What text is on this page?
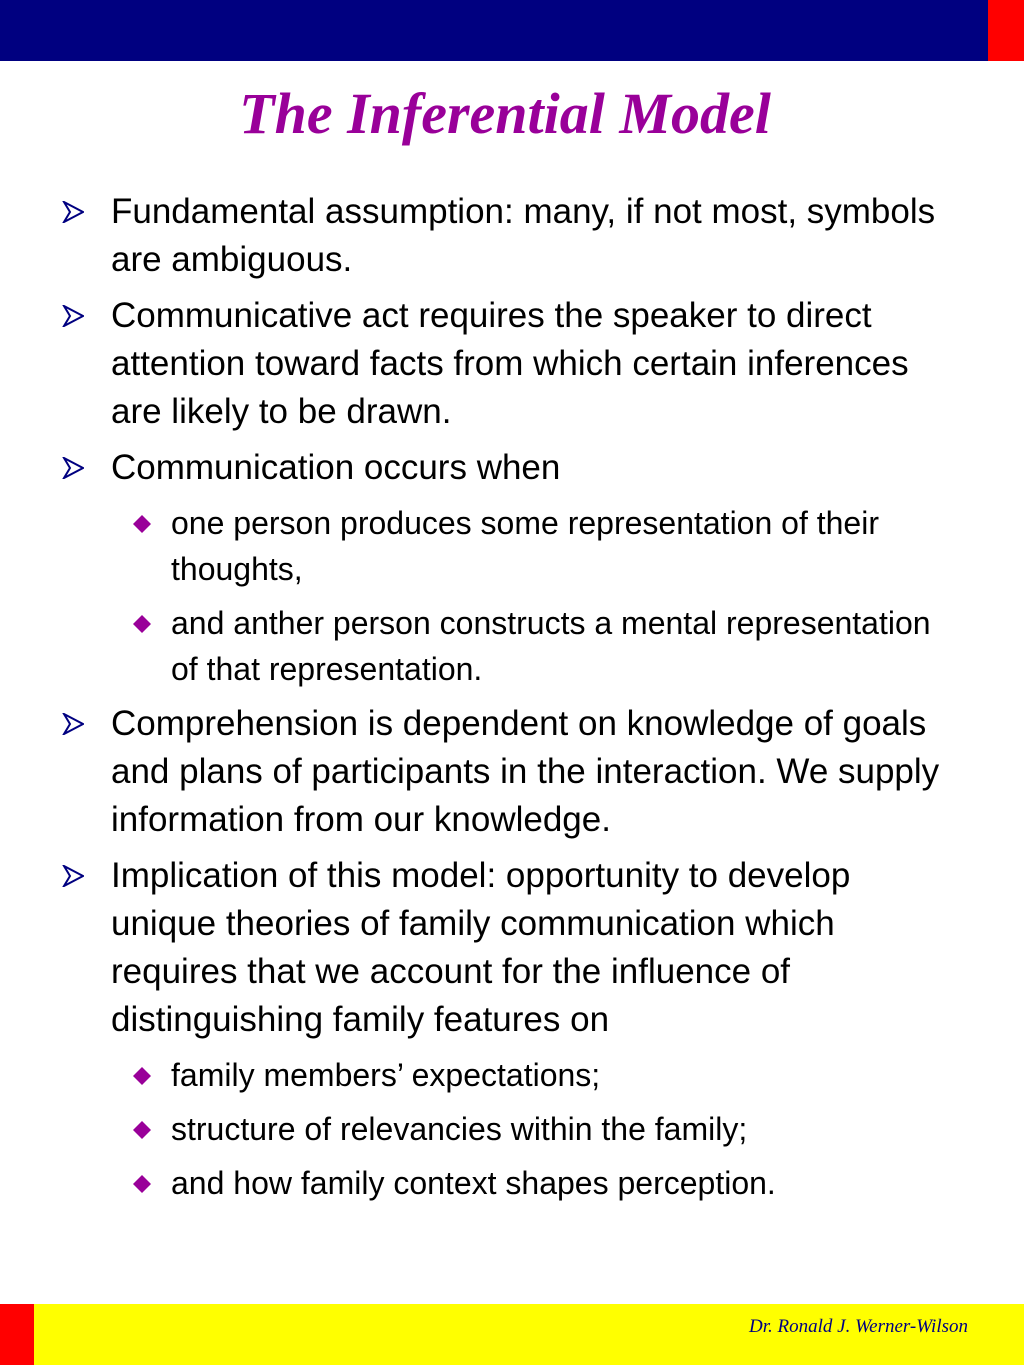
The Inferential Model
Fundamental assumption: many, if not most, symbols are ambiguous.
Communicative act requires the speaker to direct attention toward facts from which certain inferences are likely to be drawn.
Communication occurs when
one person produces some representation of their thoughts,
and anther person constructs a mental representation of that representation.
Comprehension is dependent on knowledge of goals and plans of participants in the interaction. We supply information from our knowledge.
Implication of this model: opportunity to develop unique theories of family communication which requires that we account for the influence of distinguishing family features on
family members’ expectations;
structure of relevancies within the family;
and how family context shapes perception.
Dr. Ronald J. Werner-Wilson
